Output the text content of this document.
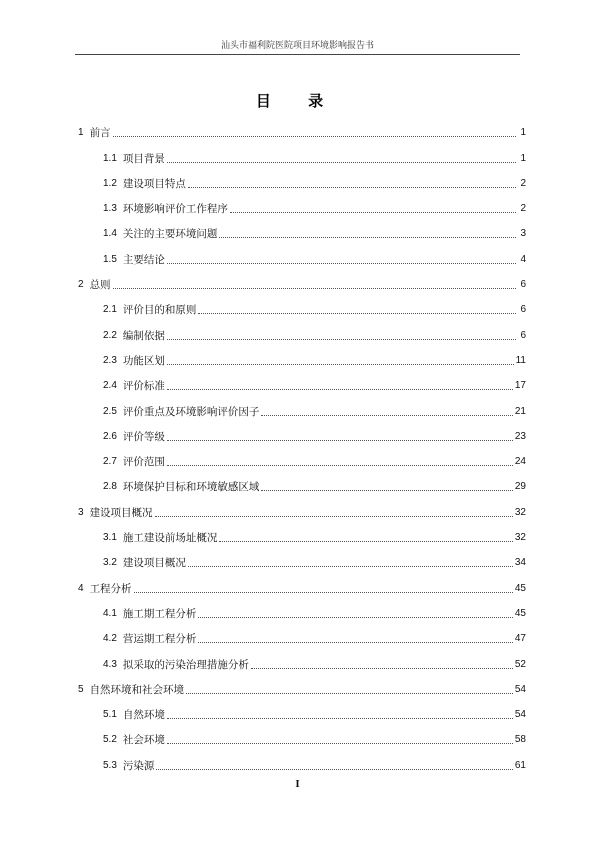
汕头市福利院医院项目环境影响报告书
目 录
1 前言	1
1.1 项目背景	1
1.2 建设项目特点	2
1.3 环境影响评价工作程序	2
1.4 关注的主要环境问题	3
1.5 主要结论	4
2 总则	6
2.1 评价目的和原则	6
2.2 编制依据	6
2.3 功能区划	11
2.4 评价标准	17
2.5 评价重点及环境影响评价因子	21
2.6 评价等级	23
2.7 评价范围	24
2.8 环境保护目标和环境敏感区域	29
3 建设项目概况	32
3.1 施工建设前场址概况	32
3.2 建设项目概况	34
4 工程分析	45
4.1 施工期工程分析	45
4.2 营运期工程分析	47
4.3 拟采取的污染治理措施分析	52
5 自然环境和社会环境	54
5.1 自然环境	54
5.2 社会环境	58
5.3 污染源	61
I
